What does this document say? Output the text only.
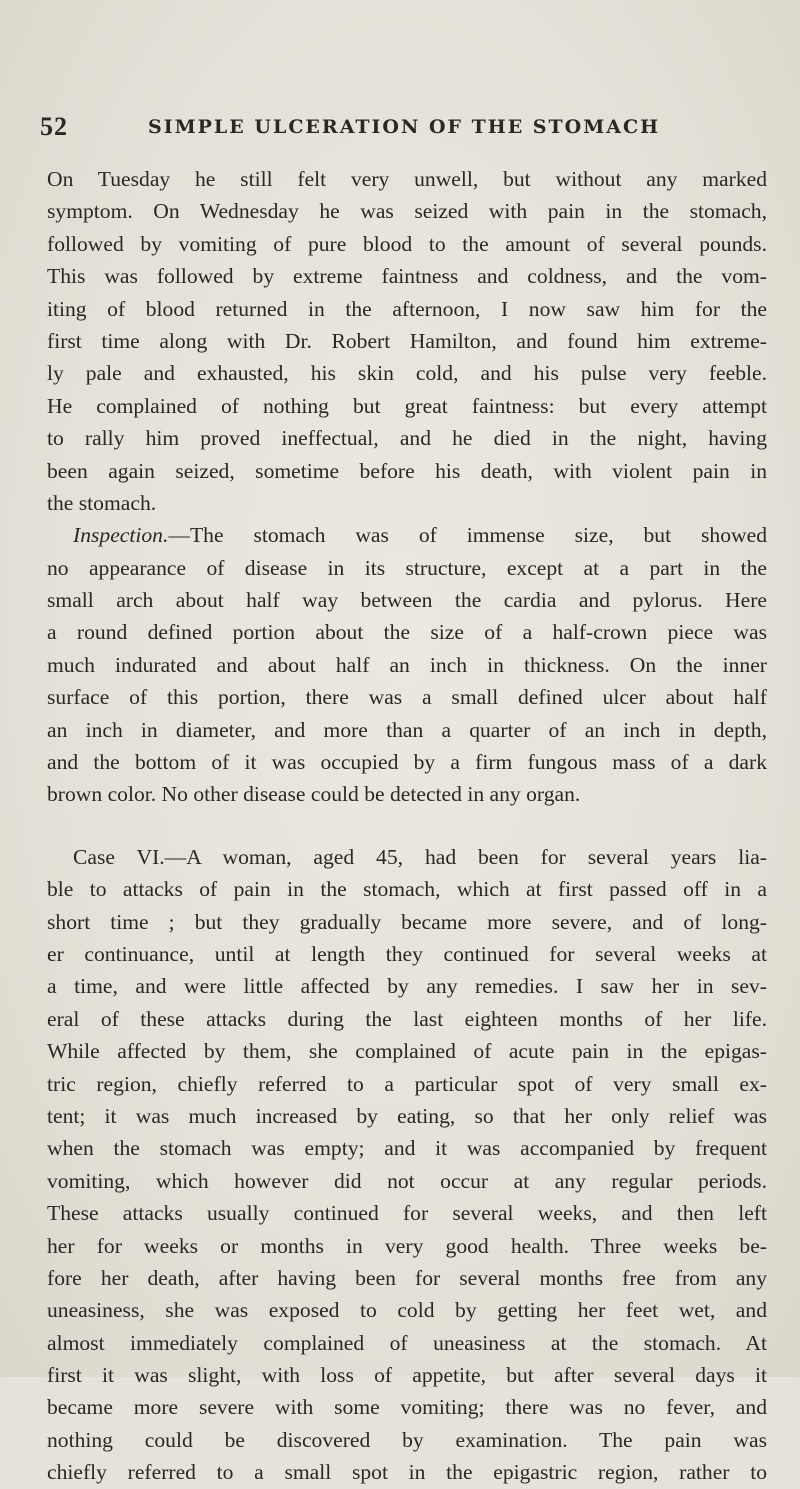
52	SIMPLE ULCERATION OF THE STOMACH
On Tuesday he still felt very unwell, but without any marked
symptom. On Wednesday he was seized with pain in the stomach,
followed by vomiting of pure blood to the amount of several pounds.
This was followed by extreme faintness and coldness, and the vom-
iting of blood returned in the afternoon, I now saw him for the
first time along with Dr. Robert Hamilton, and found him extreme-
ly pale and exhausted, his skin cold, and his pulse very feeble.
He complained of nothing but great faintness: but every attempt
to rally him proved ineffectual, and he died in the night, having
been again seized, sometime before his death, with violent pain in
the stomach.
Inspection.—The stomach was of immense size, but showed
no appearance of disease in its structure, except at a part in the
small arch about half way between the cardia and pylorus. Here
a round defined portion about the size of a half-crown piece was
much indurated and about half an inch in thickness. On the inner
surface of this portion, there was a small defined ulcer about half
an inch in diameter, and more than a quarter of an inch in depth,
and the bottom of it was occupied by a firm fungous mass of a dark
brown color. No other disease could be detected in any organ.
Case VI.—A woman, aged 45, had been for several years lia-
ble to attacks of pain in the stomach, which at first passed off in a
short time ; but they gradually became more severe, and of long-
er continuance, until at length they continued for several weeks at
a time, and were little affected by any remedies. I saw her in sev-
eral of these attacks during the last eighteen months of her life.
While affected by them, she complained of acute pain in the epigas-
tric region, chiefly referred to a particular spot of very small ex-
tent; it was much increased by eating, so that her only relief was
when the stomach was empty; and it was accompanied by frequent
vomiting, which however did not occur at any regular periods.
These attacks usually continued for several weeks, and then left
her for weeks or months in very good health. Three weeks be-
fore her death, after having been for several months free from any
uneasiness, she was exposed to cold by getting her feet wet, and
almost immediately complained of uneasiness at the stomach. At
first it was slight, with loss of appetite, but after several days it
became more severe with some vomiting; there was no fever, and
nothing could be discovered by examination. The pain was
chiefly referred to a small spot in the epigastric region, rather to
